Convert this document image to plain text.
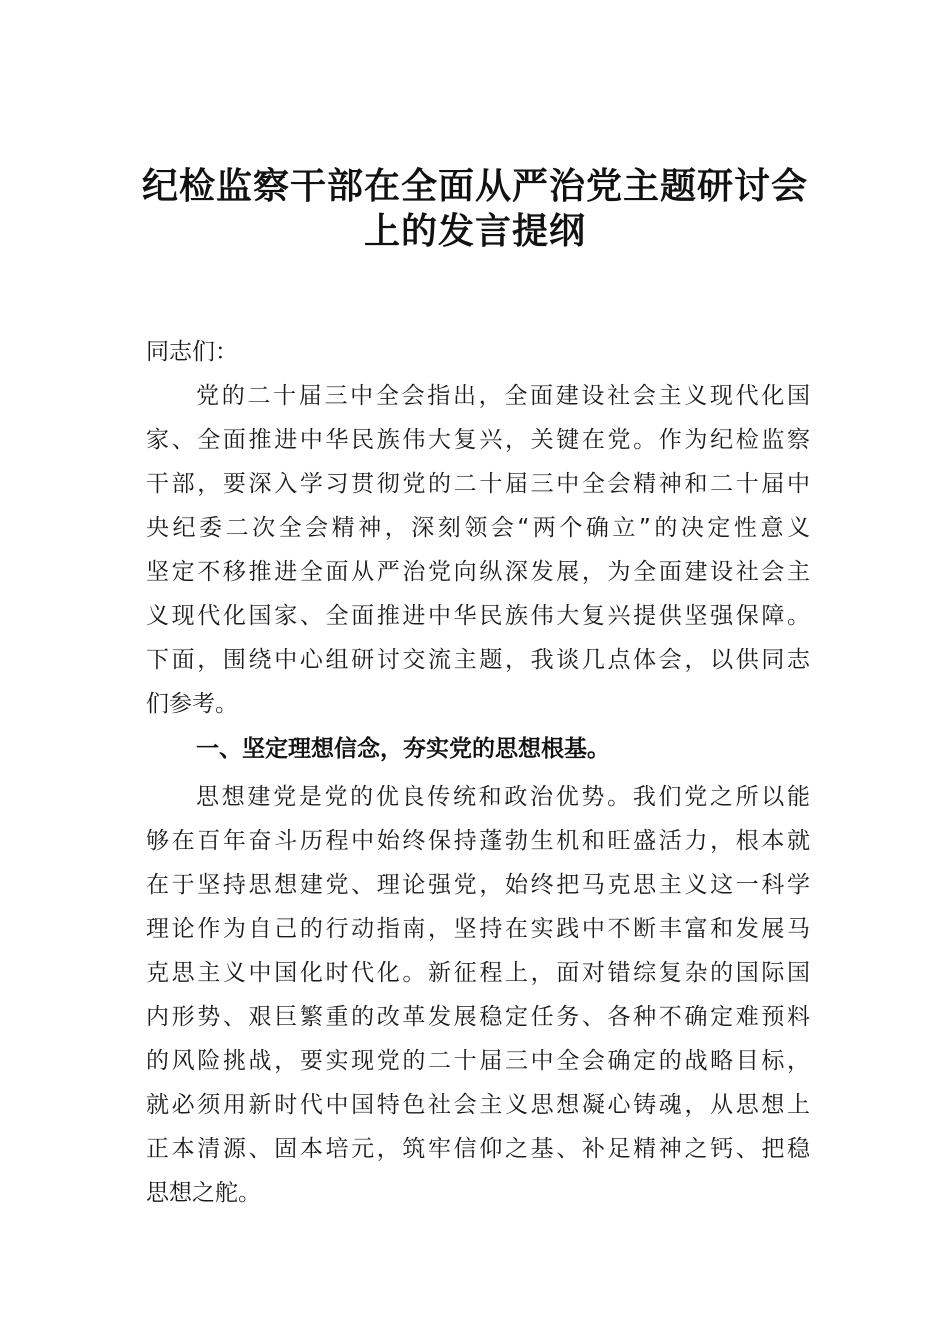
纪检监察干部在全面从严治党主题研讨会
上的发言提纲
同志们：
党的二十届三中全会指出，全面建设社会主义现代化国
家、全面推进中华民族伟大复兴，关键在党。作为纪检监察
干部，要深入学习贯彻党的二十届三中全会精神和二十届中
央纪委二次全会精神，深刻领会“两个确立”的决定性意义
坚定不移推进全面从严治党向纵深发展，为全面建设社会主
义现代化国家、全面推进中华民族伟大复兴提供坚强保障。
下面，围绕中心组研讨交流主题，我谈几点体会，以供同志
们参考。
一、坚定理想信念，夯实党的思想根基。
思想建党是党的优良传统和政治优势。我们党之所以能
够在百年奋斗历程中始终保持蓬勃生机和旺盛活力，根本就
在于坚持思想建党、理论强党，始终把马克思主义这一科学
理论作为自己的行动指南，坚持在实践中不断丰富和发展马
克思主义中国化时代化。新征程上，面对错综复杂的国际国
内形势、艰巨繁重的改革发展稳定任务、各种不确定难预料
的风险挑战，要实现党的二十届三中全会确定的战略目标，
就必须用新时代中国特色社会主义思想凝心铸魂，从思想上
正本清源、固本培元，筑牢信仰之基、补足精神之钙、把稳
思想之舵。
